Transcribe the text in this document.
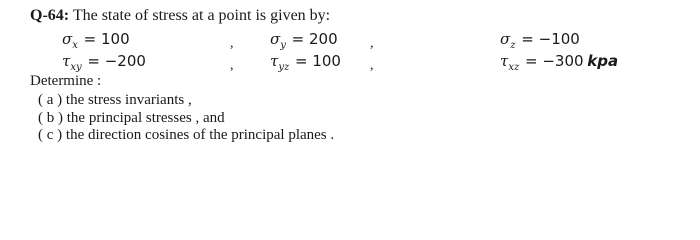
Q-64: The state of stress at a point is given by:
$\sigma_x = 100$	, $\sigma_y = 200$ ,	$\sigma_z = -100$
$\tau_{xy} = -200$	, $\tau_{yz} = 100$ ,	$\tau_{xz} = -300$ kpa
Determine :
( a ) the stress invariants ,
( b ) the principal stresses , and
( c ) the direction cosines of the principal planes .
